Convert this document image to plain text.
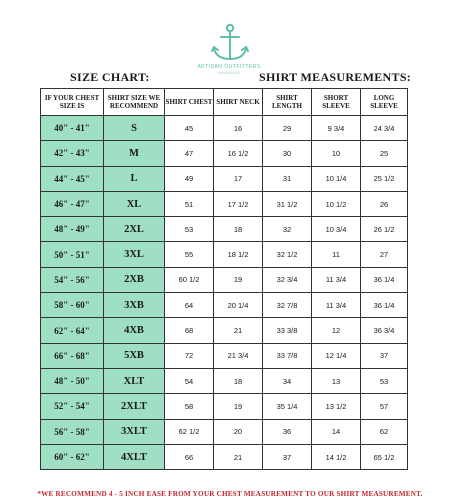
ARTISAN OUTFITTERS
HANDMADE
SIZE CHART:	SHIRT MEASUREMENTS:
IF YOUR CHEST SIZE IS	SHIRT SIZE WE RECOMMEND	SHIRT CHEST	SHIRT NECK	SHIRT LENGTH	SHORT SLEEVE	LONG SLEEVE
40" - 41"	S	45	16	29	9 3/4	24 3/4
42" - 43"	M	47	16 1/2	30	10	25
44" - 45"	L	49	17	31	10 1/4	25 1/2
46" - 47"	XL	51	17 1/2	31 1/2	10 1/2	26
48" - 49"	2XL	53	18	32	10 3/4	26 1/2
50" - 51"	3XL	55	18 1/2	32 1/2	11	27
54" - 56"	2XB	60 1/2	19	32 3/4	11 3/4	36 1/4
58" - 60"	3XB	64	20 1/4	32 7/8	11 3/4	36 1/4
62" - 64"	4XB	68	21	33 3/8	12	36 3/4
66" - 68"	5XB	72	21 3/4	33 7/8	12 1/4	37
48" - 50"	XLT	54	18	34	13	53
52" - 54"	2XLT	58	19	35 1/4	13 1/2	57
56" - 58"	3XLT	62 1/2	20	36	14	62
60" - 62"	4XLT	66	21	37	14 1/2	65 1/2
*WE RECOMMEND 4 - 5 INCH EASE FROM YOUR CHEST MEASUREMENT TO OUR SHIRT MEASUREMENT.
